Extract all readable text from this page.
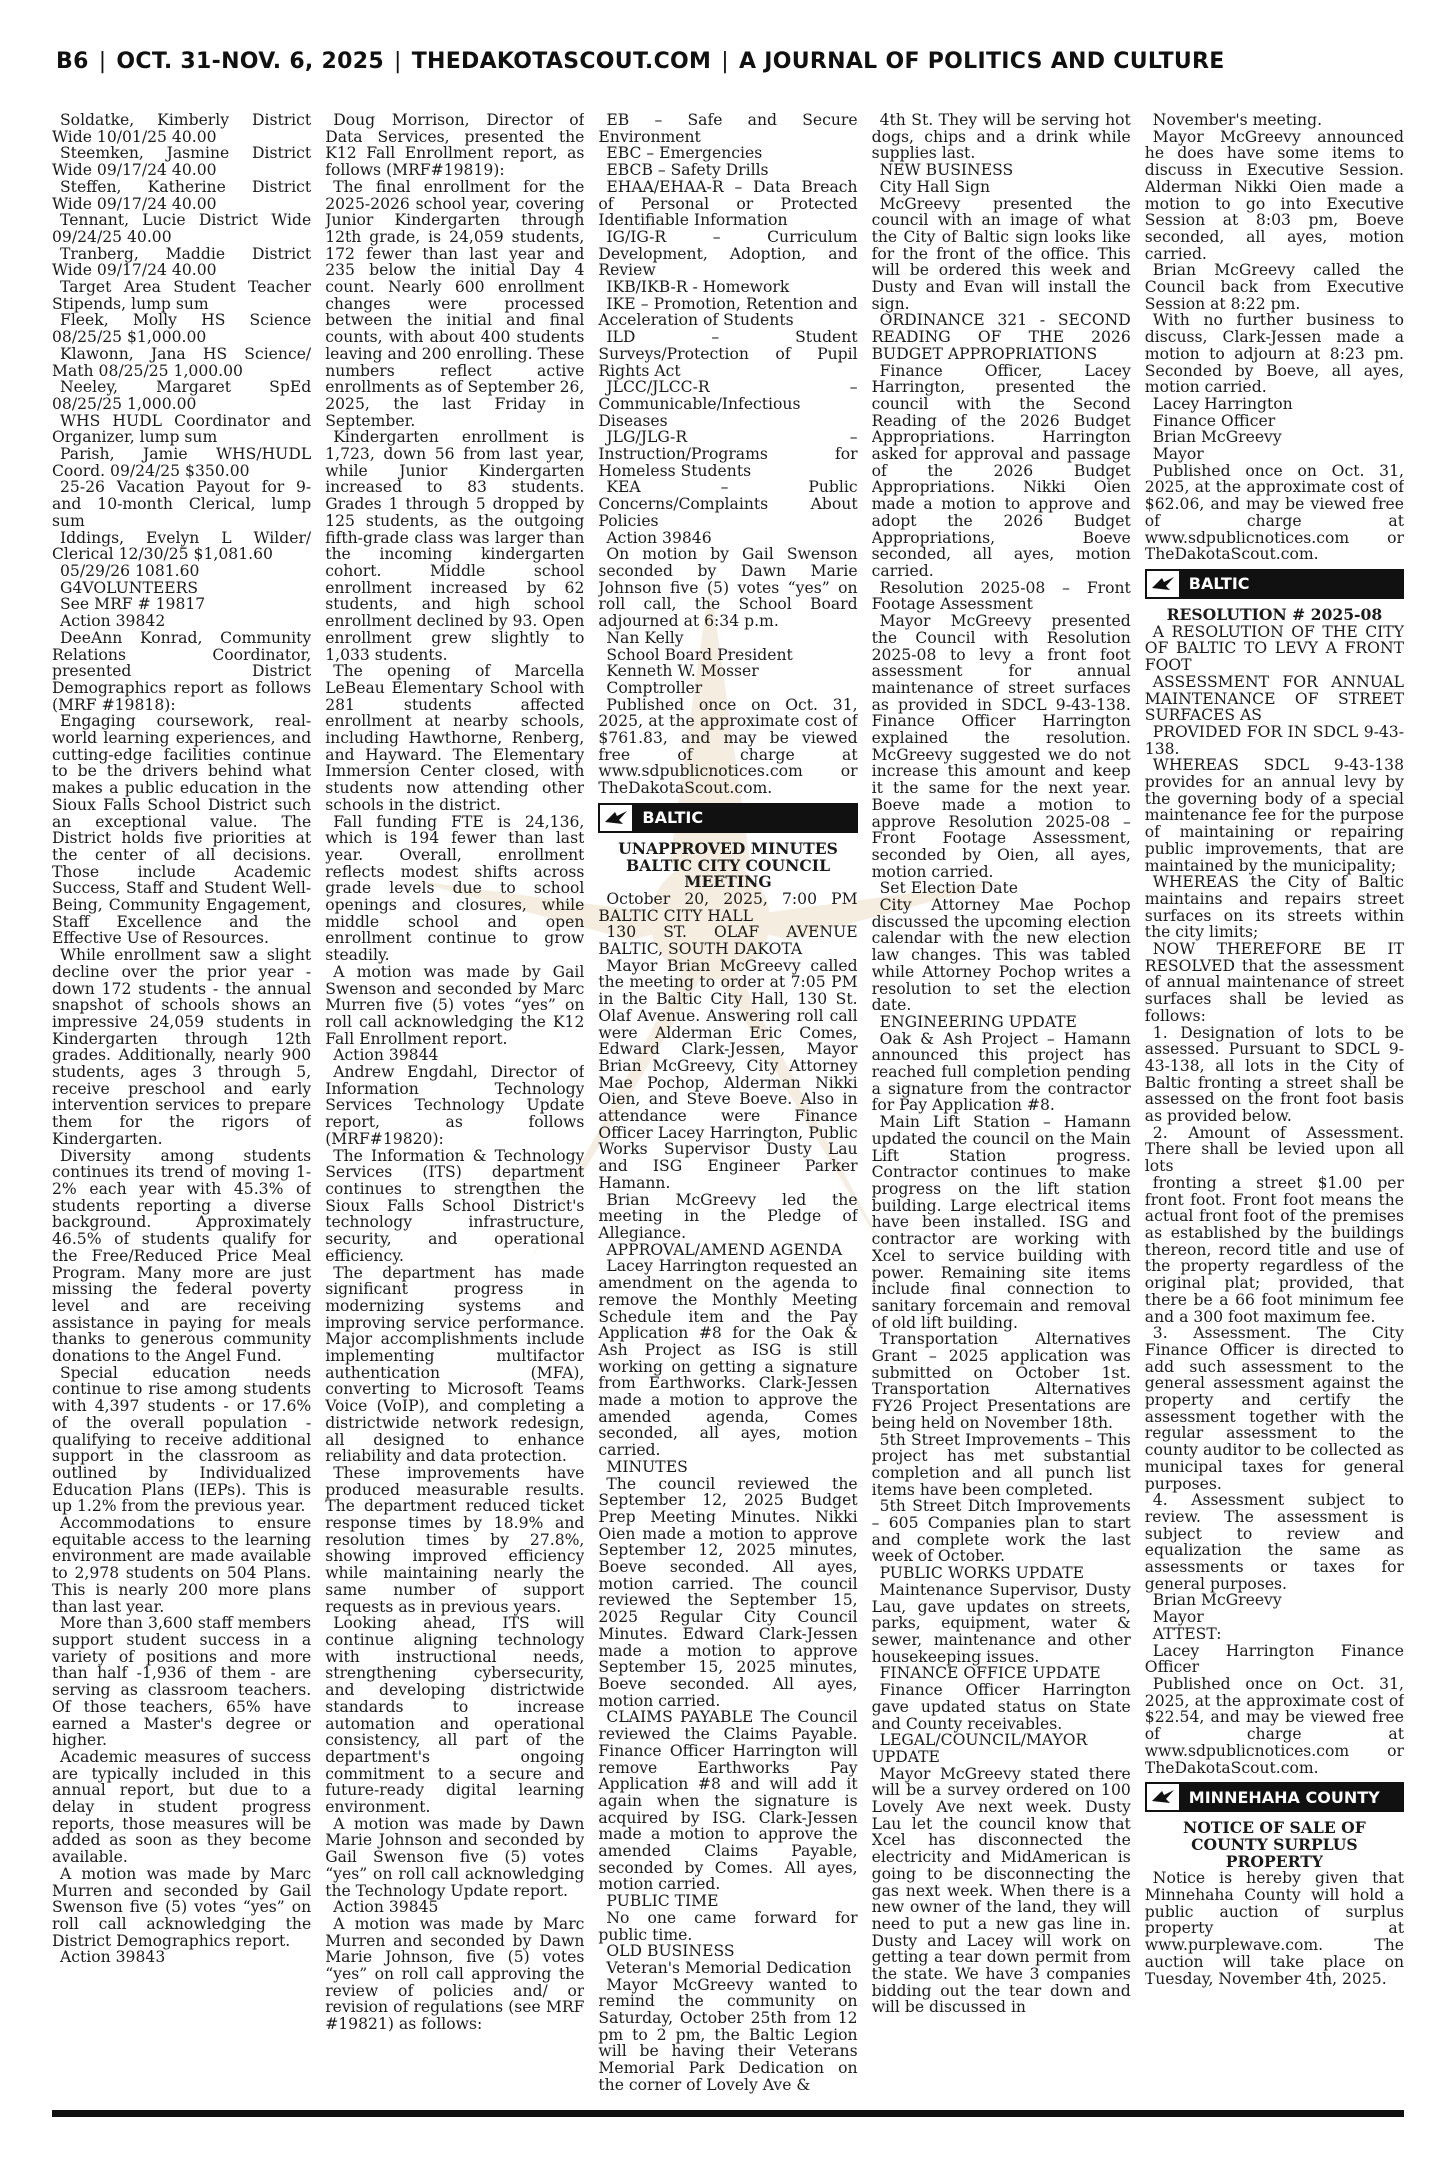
B6 | OCT. 31-NOV. 6, 2025 | THEDAKOTASCOUT.COM | A JOURNAL OF POLITICS AND CULTURE

Soldatke, Kimberly District Wide 10/01/25 40.00

Steemken, Jasmine District Wide 09/17/24 40.00

Steffen, Katherine District Wide 09/17/24 40.00

Tennant, Lucie District Wide 09/24/25 40.00

Tranberg, Maddie District Wide 09/17/24 40.00

Target Area Student Teacher Stipends, lump sum

Fleek, Molly HS Science 08/25/25 $1,000.00

Klawonn, Jana HS Science/ Math 08/25/25 1,000.00

Neeley, Margaret SpEd 08/25/25 1,000.00

WHS HUDL Coordinator and Organizer, lump sum

Parish, Jamie WHS/HUDL Coord. 09/24/25 $350.00

25-26 Vacation Payout for 9- and 10-month Clerical, lump sum

Iddings, Evelyn L Wilder/ Clerical 12/30/25 $1,081.60

05/29/26 1081.60

G4VOLUNTEERS

See MRF # 19817

Action 39842

DeeAnn Konrad, Community Relations Coordinator, presented District Demographics report as follows (MRF #19818):

Engaging coursework, real-world learning experiences, and cutting-edge facilities continue to be the drivers behind what makes a public education in the Sioux Falls School District such an exceptional value. The District holds five priorities at the center of all decisions. Those include Academic Success, Staff and Student Well-Being, Community Engagement, Staff Excellence and the Effective Use of Resources.

While enrollment saw a slight decline over the prior year - down 172 students - the annual snapshot of schools shows an impressive 24,059 students in Kindergarten through 12th grades. Additionally, nearly 900 students, ages 3 through 5, receive preschool and early intervention services to prepare them for the rigors of Kindergarten.

Diversity among students continues its trend of moving 1-2% each year with 45.3% of students reporting a diverse background. Approximately 46.5% of students qualify for the Free/Reduced Price Meal Program. Many more are just missing the federal poverty level and are receiving assistance in paying for meals thanks to generous community donations to the Angel Fund.

Special education needs continue to rise among students with 4,397 students - or 17.6% of the overall population - qualifying to receive additional support in the classroom as outlined by Individualized Education Plans (IEPs). This is up 1.2% from the previous year.

Accommodations to ensure equitable access to the learning environment are made available to 2,978 students on 504 Plans. This is nearly 200 more plans than last year.

More than 3,600 staff members support student success in a variety of positions and more than half -1,936 of them - are serving as classroom teachers. Of those teachers, 65% have earned a Master's degree or higher.

Academic measures of success are typically included in this annual report, but due to a delay in student progress reports, those measures will be added as soon as they become available.

A motion was made by Marc Murren and seconded by Gail Swenson five (5) votes “yes” on roll call acknowledging the District Demographics report.

Action 39843

Doug Morrison, Director of Data Services, presented the K12 Fall Enrollment report, as follows (MRF#19819):

The final enrollment for the 2025-2026 school year, covering Junior Kindergarten through 12th grade, is 24,059 students, 172 fewer than last year and 235 below the initial Day 4 count. Nearly 600 enrollment changes were processed between the initial and final counts, with about 400 students leaving and 200 enrolling. These numbers reflect active enrollments as of September 26, 2025, the last Friday in September.

Kindergarten enrollment is 1,723, down 56 from last year, while Junior Kindergarten increased to 83 students. Grades 1 through 5 dropped by 125 students, as the outgoing fifth-grade class was larger than the incoming kindergarten cohort. Middle school enrollment increased by 62 students, and high school enrollment declined by 93. Open enrollment grew slightly to 1,033 students.

The opening of Marcella LeBeau Elementary School with 281 students affected enrollment at nearby schools, including Hawthorne, Renberg, and Hayward. The Elementary Immersion Center closed, with students now attending other schools in the district.

Fall funding FTE is 24,136, which is 194 fewer than last year. Overall, enrollment reflects modest shifts across grade levels due to school openings and closures, while middle school and open enrollment continue to grow steadily.

A motion was made by Gail Swenson and seconded by Marc Murren five (5) votes “yes” on roll call acknowledging the K12 Fall Enrollment report.

Action 39844

Andrew Engdahl, Director of Information Technology Services Technology Update report, as follows (MRF#19820):

The Information & Technology Services (ITS) department continues to strengthen the Sioux Falls School District's technology infrastructure, security, and operational efficiency.

The department has made significant progress in modernizing systems and improving service performance. Major accomplishments include implementing multifactor authentication (MFA), converting to Microsoft Teams Voice (VoIP), and completing a districtwide network redesign, all designed to enhance reliability and data protection.

These improvements have produced measurable results. The department reduced ticket response times by 18.9% and resolution times by 27.8%, showing improved efficiency while maintaining nearly the same number of support requests as in previous years.

Looking ahead, ITS will continue aligning technology with instructional needs, strengthening cybersecurity, and developing districtwide standards to increase automation and operational consistency, all part of the department's ongoing commitment to a secure and future-ready digital learning environment.

A motion was made by Dawn Marie Johnson and seconded by Gail Swenson five (5) votes “yes” on roll call acknowledging the Technology Update report.

Action 39845

A motion was made by Marc Murren and seconded by Dawn Marie Johnson, five (5) votes “yes” on roll call approving the review of policies and/ or revision of regulations (see MRF #19821) as follows:

EB – Safe and Secure Environment

EBC – Emergencies

EBCB – Safety Drills

EHAA/EHAA-R – Data Breach of Personal or Protected Identifiable Information

IG/IG-R – Curriculum Development, Adoption, and Review

IKB/IKB-R - Homework

IKE – Promotion, Retention and Acceleration of Students

ILD – Student Surveys/Protection of Pupil Rights Act

JLCC/JLCC-R – Communicable/Infectious Diseases

JLG/JLG-R – Instruction/Programs for Homeless Students

KEA – Public Concerns/Complaints About Policies

Action 39846

On motion by Gail Swenson seconded by Dawn Marie Johnson five (5) votes “yes” on roll call, the School Board adjourned at 6:34 p.m.

Nan Kelly

School Board President

Kenneth W. Mosser

Comptroller

Published once on Oct. 31, 2025, at the approximate cost of $761.83, and may be viewed free of charge at www.sdpublicnotices.com or TheDakotaScout.com.

BALTIC

UNAPPROVED MINUTES BALTIC CITY COUNCIL MEETING

October 20, 2025, 7:00 PM BALTIC CITY HALL

130 ST. OLAF AVENUE BALTIC, SOUTH DAKOTA

Mayor Brian McGreevy called the meeting to order at 7:05 PM in the Baltic City Hall, 130 St. Olaf Avenue. Answering roll call were Alderman Eric Comes, Edward Clark-Jessen, Mayor Brian McGreevy, City Attorney Mae Pochop, Alderman Nikki Oien, and Steve Boeve. Also in attendance were Finance Officer Lacey Harrington, Public Works Supervisor Dusty Lau and ISG Engineer Parker Hamann.

Brian McGreevy led the meeting in the Pledge of Allegiance.

APPROVAL/AMEND AGENDA

Lacey Harrington requested an amendment on the agenda to remove the Monthly Meeting Schedule item and the Pay Application #8 for the Oak & Ash Project as ISG is still working on getting a signature from Earthworks. Clark-Jessen made a motion to approve the amended agenda, Comes seconded, all ayes, motion carried.

MINUTES

The council reviewed the September 12, 2025 Budget Prep Meeting Minutes. Nikki Oien made a motion to approve September 12, 2025 minutes, Boeve seconded. All ayes, motion carried. The council reviewed the September 15, 2025 Regular City Council Minutes. Edward Clark-Jessen made a motion to approve September 15, 2025 minutes, Boeve seconded. All ayes, motion carried.

CLAIMS PAYABLE The Council reviewed the Claims Payable. Finance Officer Harrington will remove Earthworks Pay Application #8 and will add it again when the signature is acquired by ISG. Clark-Jessen made a motion to approve the amended Claims Payable, seconded by Comes. All ayes, motion carried.

PUBLIC TIME

No one came forward for public time.

OLD BUSINESS

Veteran's Memorial Dedication

Mayor McGreevy wanted to remind the community on Saturday, October 25th from 12 pm to 2 pm, the Baltic Legion will be having their Veterans Memorial Park Dedication on the corner of Lovely Ave &

4th St. They will be serving hot dogs, chips and a drink while supplies last.

NEW BUSINESS

City Hall Sign

McGreevy presented the council with an image of what the City of Baltic sign looks like for the front of the office. This will be ordered this week and Dusty and Evan will install the sign.

ORDINANCE 321 - SECOND READING OF THE 2026 BUDGET APPROPRIATIONS

Finance Officer, Lacey Harrington, presented the council with the Second Reading of the 2026 Budget Appropriations. Harrington asked for approval and passage of the 2026 Budget Appropriations. Nikki Oien made a motion to approve and adopt the 2026 Budget Appropriations, Boeve seconded, all ayes, motion carried.

Resolution 2025-08 – Front Footage Assessment

Mayor McGreevy presented the Council with Resolution 2025-08 to levy a front foot assessment for annual maintenance of street surfaces as provided in SDCL 9-43-138. Finance Officer Harrington explained the resolution. McGreevy suggested we do not increase this amount and keep it the same for the next year. Boeve made a motion to approve Resolution 2025-08 – Front Footage Assessment, seconded by Oien, all ayes, motion carried.

Set Election Date

City Attorney Mae Pochop discussed the upcoming election calendar with the new election law changes. This was tabled while Attorney Pochop writes a resolution to set the election date.

ENGINEERING UPDATE

Oak & Ash Project – Hamann announced this project has reached full completion pending a signature from the contractor for Pay Application #8.

Main Lift Station – Hamann updated the council on the Main Lift Station progress. Contractor continues to make progress on the lift station building. Large electrical items have been installed. ISG and contractor are working with Xcel to service building with power. Remaining site items include final connection to sanitary forcemain and removal of old lift building.

Transportation Alternatives Grant – 2025 application was submitted on October 1st. Transportation Alternatives FY26 Project Presentations are being held on November 18th.

5th Street Improvements – This project has met substantial completion and all punch list items have been completed.

5th Street Ditch Improvements – 605 Companies plan to start and complete work the last week of October.

PUBLIC WORKS UPDATE

Maintenance Supervisor, Dusty Lau, gave updates on streets, parks, equipment, water & sewer, maintenance and other housekeeping issues.

FINANCE OFFICE UPDATE

Finance Officer Harrington gave updated status on State and County receivables.

LEGAL/COUNCIL/MAYOR UPDATE

Mayor McGreevy stated there will be a survey ordered on 100 Lovely Ave next week. Dusty Lau let the council know that Xcel has disconnected the electricity and MidAmerican is going to be disconnecting the gas next week. When there is a new owner of the land, they will need to put a new gas line in. Dusty and Lacey will work on getting a tear down permit from the state. We have 3 companies bidding out the tear down and will be discussed in

November's meeting.

Mayor McGreevy announced he does have some items to discuss in Executive Session. Alderman Nikki Oien made a motion to go into Executive Session at 8:03 pm, Boeve seconded, all ayes, motion carried.

Brian McGreevy called the Council back from Executive Session at 8:22 pm.

With no further business to discuss, Clark-Jessen made a motion to adjourn at 8:23 pm. Seconded by Boeve, all ayes, motion carried.

Lacey Harrington

Finance Officer

Brian McGreevy

Mayor

Published once on Oct. 31, 2025, at the approximate cost of $62.06, and may be viewed free of charge at www.sdpublicnotices.com or TheDakotaScout.com.

BALTIC

RESOLUTION # 2025-08

A RESOLUTION OF THE CITY OF BALTIC TO LEVY A FRONT FOOT

ASSESSMENT FOR ANNUAL MAINTENANCE OF STREET SURFACES AS

PROVIDED FOR IN SDCL 9-43-138.

WHEREAS SDCL 9-43-138 provides for an annual levy by the governing body of a special maintenance fee for the purpose of maintaining or repairing public improvements, that are maintained by the municipality;

WHEREAS the City of Baltic maintains and repairs street surfaces on its streets within the city limits;

NOW THEREFORE BE IT RESOLVED that the assessment of annual maintenance of street surfaces shall be levied as follows:

1. Designation of lots to be assessed. Pursuant to SDCL 9-43-138, all lots in the City of Baltic fronting a street shall be assessed on the front foot basis as provided below.

2. Amount of Assessment. There shall be levied upon all lots

fronting a street $1.00 per front foot. Front foot means the actual front foot of the premises as established by the buildings thereon, record title and use of the property regardless of the original plat; provided, that there be a 66 foot minimum fee and a 300 foot maximum fee.

3. Assessment. The City Finance Officer is directed to add such assessment to the general assessment against the property and certify the assessment together with the regular assessment to the county auditor to be collected as municipal taxes for general purposes.

4. Assessment subject to review. The assessment is subject to review and equalization the same as assessments or taxes for general purposes.

Brian McGreevy

Mayor

ATTEST:

Lacey Harrington Finance Officer

Published once on Oct. 31, 2025, at the approximate cost of $22.54, and may be viewed free of charge at www.sdpublicnotices.com or TheDakotaScout.com.

MINNEHAHA COUNTY

NOTICE OF SALE OF COUNTY SURPLUS PROPERTY

Notice is hereby given that Minnehaha County will hold a public auction of surplus property at www.purplewave.com. The auction will take place on Tuesday, November 4th, 2025.
